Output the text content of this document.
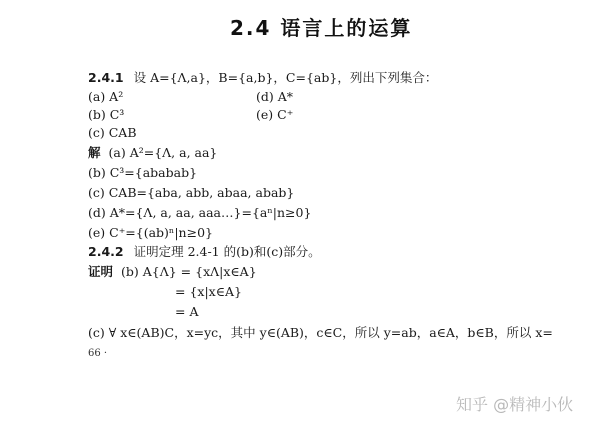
2.4 语言上的运算
2.4.1 设 A={Λ,a}，B={a,b}，C={ab}，列出下列集合：
(a) A²	(d) A*
(b) C³	(e) C⁺
(c) CAB
解 (a) A²={Λ, a, aa}
(b) C³={ababab}
(c) CAB={aba, abb, abaa, abab}
(d) A*={Λ, a, aa, aaa…}={aⁿ|n≥0}
(e) C⁺={(ab)ⁿ|n≥0}
2.4.2 证明定理 2.4-1 的(b)和(c)部分。
证明 (b) A{Λ} = {xΛ|x∈A}
= {x|x∈A}
= A
(c) ∀ x∈(AB)C，x=yc，其中 y∈(AB)，c∈C，所以 y=ab，a∈A，b∈B，所以 x=
66 ·
知乎 @精神小伙
